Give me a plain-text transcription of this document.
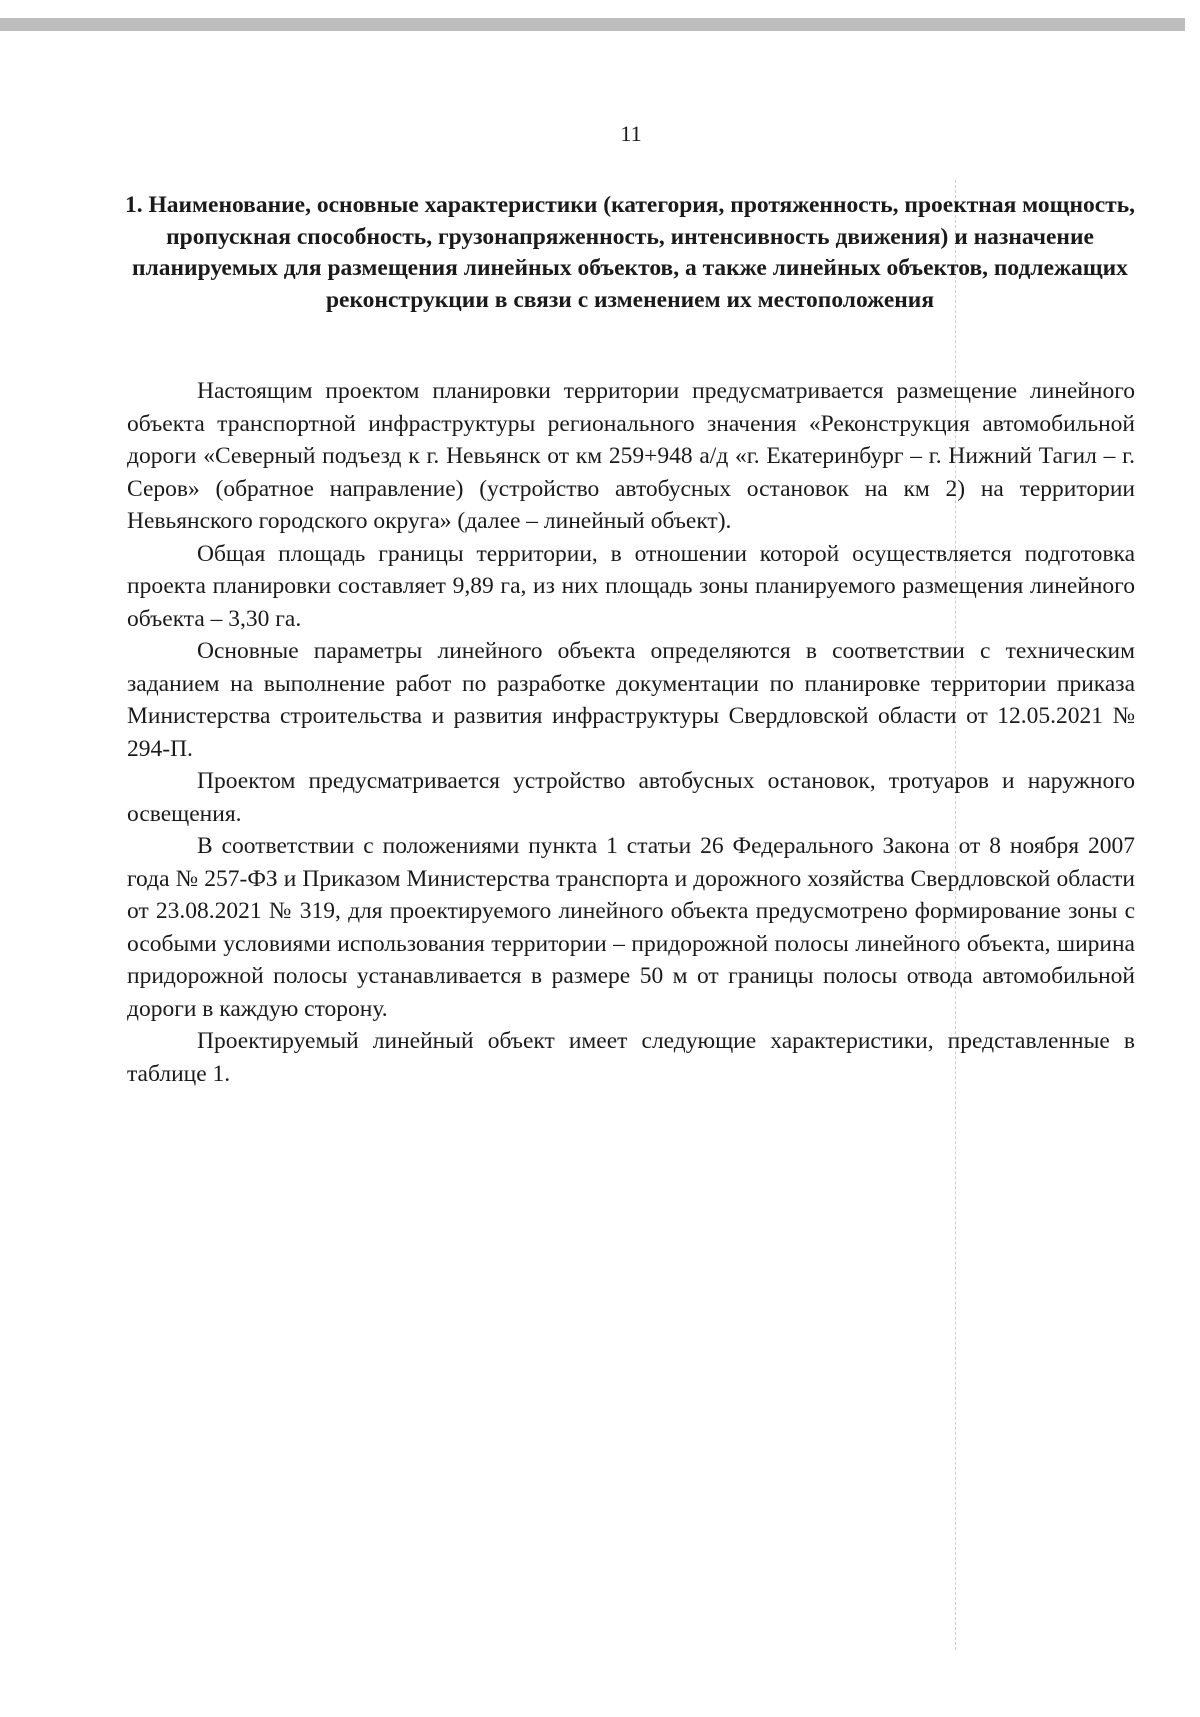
11
1. Наименование, основные характеристики (категория, протяженность, проектная мощность, пропускная способность, грузонапряженность, интенсивность движения) и назначение планируемых для размещения линейных объектов, а также линейных объектов, подлежащих реконструкции в связи с изменением их местоположения

Настоящим проектом планировки территории предусматривается размещение линейного объекта транспортной инфраструктуры регионального значения «Реконструкция автомобильной дороги «Северный подъезд к г. Невьянск от км 259+948 а/д «г. Екатеринбург – г. Нижний Тагил – г. Серов» (обратное направление) (устройство автобусных остановок на км 2) на территории Невьянского городского округа» (далее – линейный объект).

Общая площадь границы территории, в отношении которой осуществляется подготовка проекта планировки составляет 9,89 га, из них площадь зоны планируемого размещения линейного объекта – 3,30 га.

Основные параметры линейного объекта определяются в соответствии с техническим заданием на выполнение работ по разработке документации по планировке территории приказа Министерства строительства и развития инфраструктуры Свердловской области от 12.05.2021 № 294-П.

Проектом предусматривается устройство автобусных остановок, тротуаров и наружного освещения.

В соответствии с положениями пункта 1 статьи 26 Федерального Закона от 8 ноября 2007 года № 257-ФЗ и Приказом Министерства транспорта и дорожного хозяйства Свердловской области от 23.08.2021 № 319, для проектируемого линейного объекта предусмотрено формирование зоны с особыми условиями использования территории – придорожной полосы линейного объекта, ширина придорожной полосы устанавливается в размере 50 м от границы полосы отвода автомобильной дороги в каждую сторону.

Проектируемый линейный объект имеет следующие характеристики, представленные в таблице 1.
